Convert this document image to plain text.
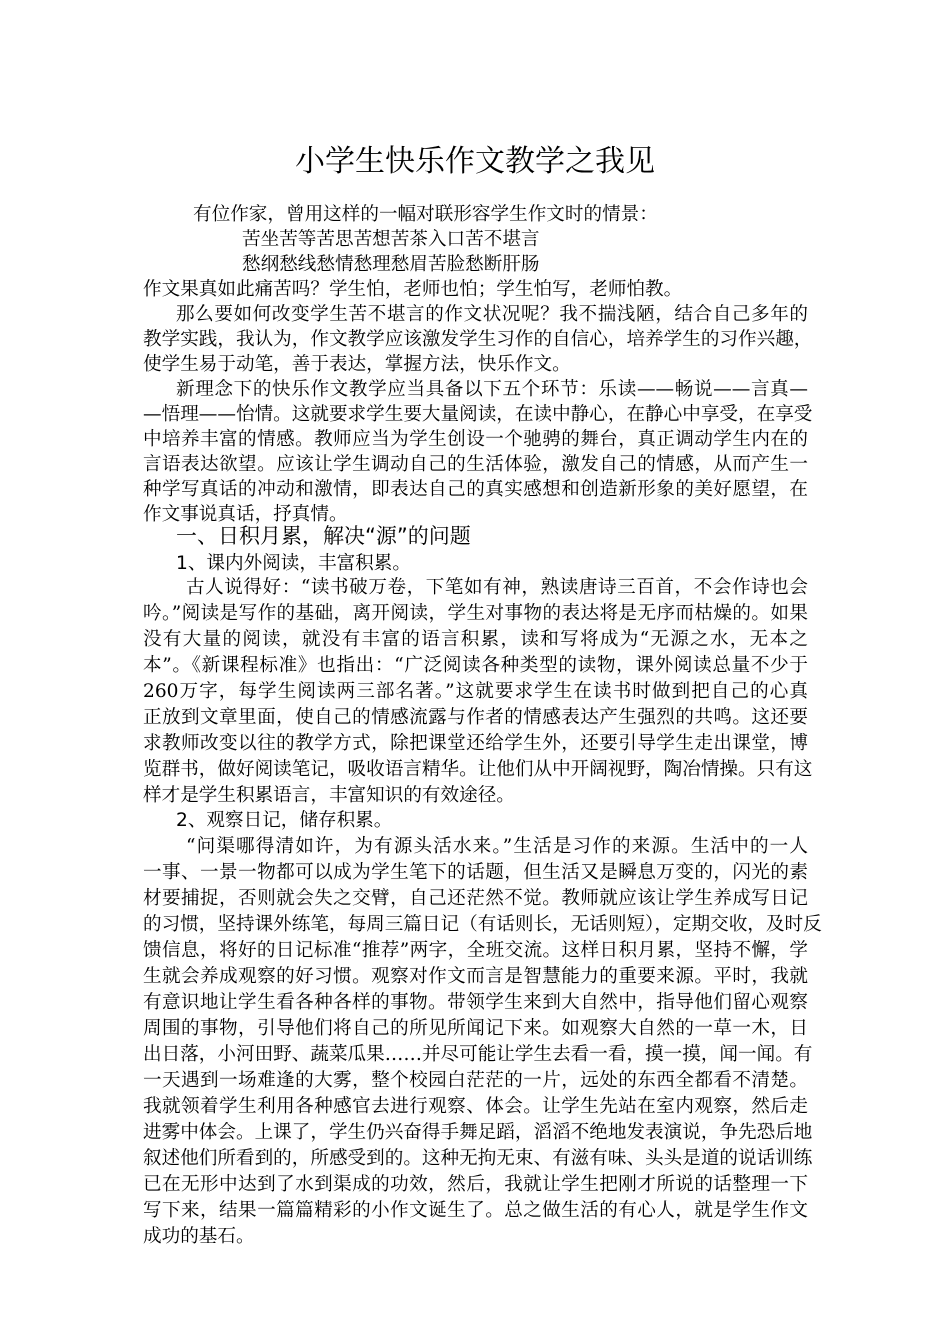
小学生快乐作文教学之我见
有位作家，曾用这样的一幅对联形容学生作文时的情景：
苦坐苦等苦思苦想苦茶入口苦不堪言
愁纲愁线愁情愁理愁眉苦脸愁断肝肠
作文果真如此痛苦吗？学生怕，老师也怕；学生怕写，老师怕教。
那么要如何改变学生苦不堪言的作文状况呢？我不揣浅陋，结合自己多年的
教学实践，我认为，作文教学应该激发学生习作的自信心，培养学生的习作兴趣，
使学生易于动笔，善于表达，掌握方法，快乐作文。
新理念下的快乐作文教学应当具备以下五个环节：乐读——畅说——言真—
—悟理——怡情。这就要求学生要大量阅读，在读中静心，在静心中享受，在享受
中培养丰富的情感。教师应当为学生创设一个驰骋的舞台，真正调动学生内在的
言语表达欲望。应该让学生调动自己的生活体验，激发自己的情感，从而产生一
种学写真话的冲动和激情，即表达自己的真实感想和创造新形象的美好愿望，在
作文事说真话，抒真情。
一、日积月累，解决“源”的问题
1、课内外阅读，丰富积累。
古人说得好：“读书破万卷，下笔如有神，熟读唐诗三百首，不会作诗也会
吟。”阅读是写作的基础，离开阅读，学生对事物的表达将是无序而枯燥的。如果
没有大量的阅读，就没有丰富的语言积累，读和写将成为“无源之水，无本之
本”。《新课程标准》也指出：“广泛阅读各种类型的读物，课外阅读总量不少于
260万字，每学生阅读两三部名著。”这就要求学生在读书时做到把自己的心真
正放到文章里面，使自己的情感流露与作者的情感表达产生强烈的共鸣。这还要
求教师改变以往的教学方式，除把课堂还给学生外，还要引导学生走出课堂，博
览群书，做好阅读笔记，吸收语言精华。让他们从中开阔视野，陶冶情操。只有这
样才是学生积累语言，丰富知识的有效途径。
2、观察日记，储存积累。
“问渠哪得清如许，为有源头活水来。”生活是习作的来源。生活中的一人
一事、一景一物都可以成为学生笔下的话题，但生活又是瞬息万变的，闪光的素
材要捕捉，否则就会失之交臂，自己还茫然不觉。教师就应该让学生养成写日记
的习惯，坚持课外练笔，每周三篇日记（有话则长，无话则短），定期交收，及时反
馈信息，将好的日记标准“推荐”两字，全班交流。这样日积月累，坚持不懈，学
生就会养成观察的好习惯。观察对作文而言是智慧能力的重要来源。平时，我就
有意识地让学生看各种各样的事物。带领学生来到大自然中，指导他们留心观察
周围的事物，引导他们将自己的所见所闻记下来。如观察大自然的一草一木，日
出日落，小河田野、蔬菜瓜果……并尽可能让学生去看一看，摸一摸，闻一闻。有
一天遇到一场难逢的大雾，整个校园白茫茫的一片，远处的东西全都看不清楚。
我就领着学生利用各种感官去进行观察、体会。让学生先站在室内观察，然后走
进雾中体会。上课了，学生仍兴奋得手舞足蹈，滔滔不绝地发表演说，争先恐后地
叙述他们所看到的，所感受到的。这种无拘无束、有滋有味、头头是道的说话训练
已在无形中达到了水到渠成的功效，然后，我就让学生把刚才所说的话整理一下
写下来，结果一篇篇精彩的小作文诞生了。总之做生活的有心人，就是学生作文
成功的基石。
